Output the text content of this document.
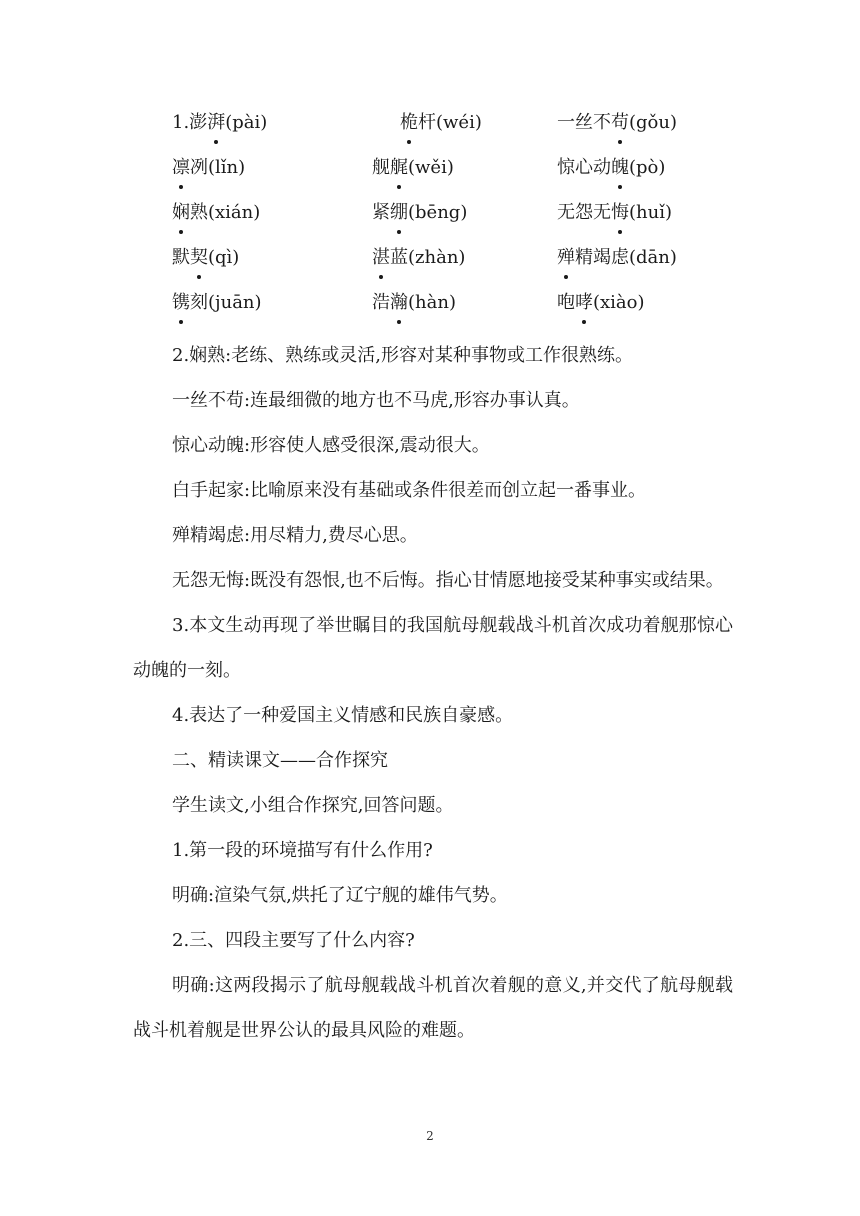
1.澎湃(pài)	桅杆(wéi)	一丝不苟(gǒu)
凛冽(lǐn)	舰艉(wěi)	惊心动魄(pò)
娴熟(xián)	紧绷(bēng)	无怨无悔(huǐ)
默契(qì)	湛蓝(zhàn)	殚精竭虑(dān)
镌刻(juān)	浩瀚(hàn)	咆哮(xiào)

2.娴熟:老练、熟练或灵活,形容对某种事物或工作很熟练。

一丝不苟:连最细微的地方也不马虎,形容办事认真。

惊心动魄:形容使人感受很深,震动很大。

白手起家:比喻原来没有基础或条件很差而创立起一番事业。

殚精竭虑:用尽精力,费尽心思。

无怨无悔:既没有怨恨,也不后悔。指心甘情愿地接受某种事实或结果。

3.本文生动再现了举世瞩目的我国航母舰载战斗机首次成功着舰那惊心动魄的一刻。

4.表达了一种爱国主义情感和民族自豪感。

二、精读课文——合作探究

学生读文,小组合作探究,回答问题。

1.第一段的环境描写有什么作用?

明确:渲染气氛,烘托了辽宁舰的雄伟气势。

2.三、四段主要写了什么内容?

明确:这两段揭示了航母舰载战斗机首次着舰的意义,并交代了航母舰载战斗机着舰是世界公认的最具风险的难题。

2
